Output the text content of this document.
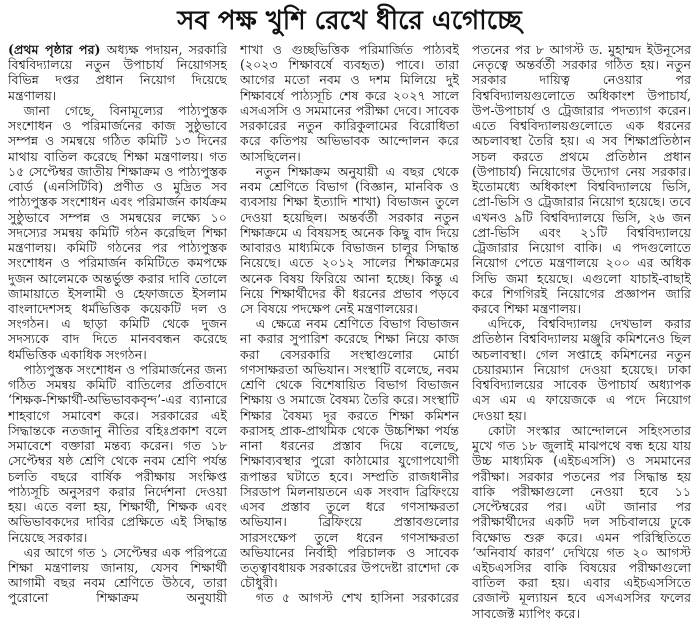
সব পক্ষ খুশি রেখে ধীরে এগোচ্ছে

(প্রথম পৃষ্ঠার পর) অধ্যক্ষ পদায়ন, সরকারি বিশ্ববিদ্যালয়ে নতুন উপাচার্য নিয়োগসহ বিভিন্ন দপ্তর প্রধান নিয়োগ দিয়েছে মন্ত্রণালয়।

জানা গেছে, বিনামূল্যের পাঠ্যপুস্তক সংশোধন ও পরিমার্জনের কাজ সুষ্ঠুভাবে সম্পন্ন ও সমন্বয়ে গঠিত কমিটি ১৩ দিনের মাথায় বাতিল করেছে শিক্ষা মন্ত্রণালয়। গত ১৫ সেপ্টেম্বর জাতীয় শিক্ষাক্রম ও পাঠ্যপুস্তক বোর্ড (এনসিটিবি) প্রণীত ও মুদ্রিত সব পাঠ্যপুস্তক সংশোধন এবং পরিমার্জন কার্যক্রম সুষ্ঠুভাবে সম্পন্ন ও সমন্বয়ের লক্ষ্যে ১০ সদস্যের সমন্বয় কমিটি গঠন করেছিল শিক্ষা মন্ত্রণালয়। কমিটি গঠনের পর পাঠ্যপুস্তক সংশোধন ও পরিমার্জন কমিটিতে কমপক্ষে দুজন আলেমকে অন্তর্ভুক্ত করার দাবি তোলে জামায়াতে ইসলামী ও হেফাজতে ইসলাম বাংলাদেশসহ ধর্মভিত্তিক কয়েকটি দল ও সংগঠন। এ ছাড়া কমিটি থেকে দুজন সদস্যকে বাদ দিতে মানববন্ধন করেছে ধর্মভিত্তিক একাধিক সংগঠন।

পাঠ্যপুস্তক সংশোধন ও পরিমার্জনের জন্য গঠিত সমন্বয় কমিটি বাতিলের প্রতিবাদে ‘শিক্ষক-শিক্ষার্থী-অভিভাবকবৃন্দ’-এর ব্যানারে শাহবাগে সমাবেশ করে। সরকারের এই সিদ্ধান্তকে নতজানু নীতির বহিঃপ্রকাশ বলে সমাবেশে বক্তারা মন্তব্য করেন। গত ১৮ সেপ্টেম্বর ষষ্ঠ শ্রেণি থেকে নবম শ্রেণি পর্যন্ত চলতি বছরে বার্ষিক পরীক্ষায় সংক্ষিপ্ত পাঠ্যসূচি অনুসরণ করার নির্দেশনা দেওয়া হয়। এতে বলা হয়, শিক্ষার্থী, শিক্ষক এবং অভিভাবকদের দাবির প্রেক্ষিতে এই সিদ্ধান্ত নিয়েছে সরকার।

এর আগে গত ১ সেপ্টেম্বর এক পরিপত্রে শিক্ষা মন্ত্রণালয় জানায়, যেসব শিক্ষার্থী আগামী বছর নবম শ্রেণিতে উঠবে, তারা পুরোনো শিক্ষাক্রম অনুযায়ী

শাখা ও গুচ্ছভিত্তিক পরিমার্জিত পাঠ্যবই (২০২৩ শিক্ষাবর্ষে ব্যবহৃত) পাবে। তারা আগের মতো নবম ও দশম মিলিয়ে দুই শিক্ষাবর্ষে পাঠ্যসূচি শেষ করে ২০২৭ সালে এসএসসি ও সমমানের পরীক্ষা দেবে। সাবেক সরকারের নতুন কারিকুলামের বিরোধিতা করে কতিপয় অভিভাবক আন্দোলন করে আসছিলেন।

নতুন শিক্ষাক্রম অনুযায়ী এ বছর থেকে নবম শ্রেণিতে বিভাগ (বিজ্ঞান, মানবিক ও ব্যবসায় শিক্ষা ইত্যাদি শাখা) বিভাজন তুলে দেওয়া হয়েছিল। অন্তর্বর্তী সরকার নতুন শিক্ষাক্রমে এ বিষয়সহ অনেক কিছু বাদ দিয়ে আবারও মাধ্যমিকে বিভাজন চালুর সিদ্ধান্ত নিয়েছে। এতে ২০১২ সালের শিক্ষাক্রমের অনেক বিষয় ফিরিয়ে আনা হচ্ছে। কিন্তু এ নিয়ে শিক্ষার্থীদের কী ধরনের প্রভাব পড়বে সে বিষয়ে পদক্ষেপ নেই মন্ত্রণালয়ের।

এ ক্ষেত্রে নবম শ্রেণিতে বিভাগ বিভাজন না করার সুপারিশ করেছে শিক্ষা নিয়ে কাজ করা বেসরকারি সংস্থাগুলোর মোর্চা গণসাক্ষরতা অভিযান। সংস্থাটি বলেছে, নবম শ্রেণি থেকে বিশেষায়িত বিভাগ বিভাজন শিক্ষায় ও সমাজে বৈষম্য তৈরি করে। সংস্থাটি শিক্ষার বৈষম্য দূর করতে শিক্ষা কমিশন করাসহ প্রাক-প্রাথমিক থেকে উচ্চশিক্ষা পর্যন্ত নানা ধরনের প্রস্তাব দিয়ে বলেছে, শিক্ষাব্যবস্থার পুরো কাঠামোর যুগোপযোগী রূপান্তর ঘটাতে হবে। সম্প্রতি রাজধানীর সিরডাপ মিলনায়তনে এক সংবাদ ব্রিফিংয়ে এসব প্রস্তাব তুলে ধরে গণসাক্ষরতা অভিযান। ব্রিফিংয়ে প্রস্তাবগুলোর সারসংক্ষেপ তুলে ধরেন গণসাক্ষরতা অভিযানের নির্বাহী পরিচালক ও সাবেক তত্ত্বাবধায়ক সরকারের উপদেষ্টা রাশেদা কে চৌধুরী।

গত ৫ আগস্ট শেখ হাসিনা সরকারের

পতনের পর ৮ আগস্ট ড. মুহাম্মদ ইউনূসের নেতৃত্বে অন্তর্বর্তী সরকার গঠিত হয়। নতুন সরকার দায়িত্ব নেওয়ার পর বিশ্ববিদ্যালয়গুলোতে অধিকাংশ উপাচার্য, উপ-উপাচার্য ও ট্রেজারার পদত্যাগ করেন। এতে বিশ্ববিদ্যালয়গুলোতে এক ধরনের অচলাবস্থা তৈরি হয়। এ সব শিক্ষাপ্রতিষ্ঠান সচল করতে প্রথমে প্রতিষ্ঠান প্রধান (উপাচার্য) নিয়োগের উদ্যোগ নেয় সরকার। ইতোমধ্যে অধিকাংশ বিশ্ববিদ্যালয়ে ভিসি, প্রো-ভিসি ও ট্রেজারার নিয়োগ হয়েছে। তবে এখনও ৯টি বিশ্ববিদ্যালয়ে ভিসি, ২৬ জন প্রো-ভিসি এবং ২১টি বিশ্ববিদ্যালয়ে ট্রেজারার নিয়োগ বাকি। এ পদগুলোতে নিয়োগ পেতে মন্ত্রণালয়ে ২০০ এর অধিক সিভি জমা হয়েছে। এগুলো যাচাই-বাছাই করে শিগগিরই নিয়োগের প্রজ্ঞাপন জারি করবে শিক্ষা মন্ত্রণালয়।

এদিকে, বিশ্ববিদ্যালয় দেখভাল করার প্রতিষ্ঠান বিশ্ববিদ্যালয় মঞ্জুরি কমিশনেও ছিল অচলাবস্থা। গেল সপ্তাহে কমিশনের নতুন চেয়ারম্যান নিয়োগ দেওয়া হয়েছে। ঢাকা বিশ্ববিদ্যালয়ের সাবেক উপাচার্য অধ্যাপক এস এম এ ফায়েজকে এ পদে নিয়োগ দেওয়া হয়।

কোটা সংস্কার আন্দোলনে সহিংসতার মুখে গত ১৮ জুলাই মাঝপথে বন্ধ হয়ে যায় উচ্চ মাধ্যমিক (এইচএসসি) ও সমমানের পরীক্ষা। সরকার পতনের পর সিদ্ধান্ত হয় বাকি পরীক্ষাগুলো নেওয়া হবে ১১ সেপ্টেম্বরের পর। এটা জানার পর পরীক্ষার্থীদের একটি দল সচিবালয়ে ঢুকে বিক্ষোভ শুরু করে। এমন পরিস্থিতিতে ‘অনিবার্য কারণ’ দেখিয়ে গত ২০ আগস্ট এইচএসসির বাকি বিষয়ের পরীক্ষাগুলো বাতিল করা হয়। এবার এইচএসসিতে রেজাল্ট মূল্যায়ন হবে এসএসসির ফলের সাবজেক্ট ম্যাপিং করে।
